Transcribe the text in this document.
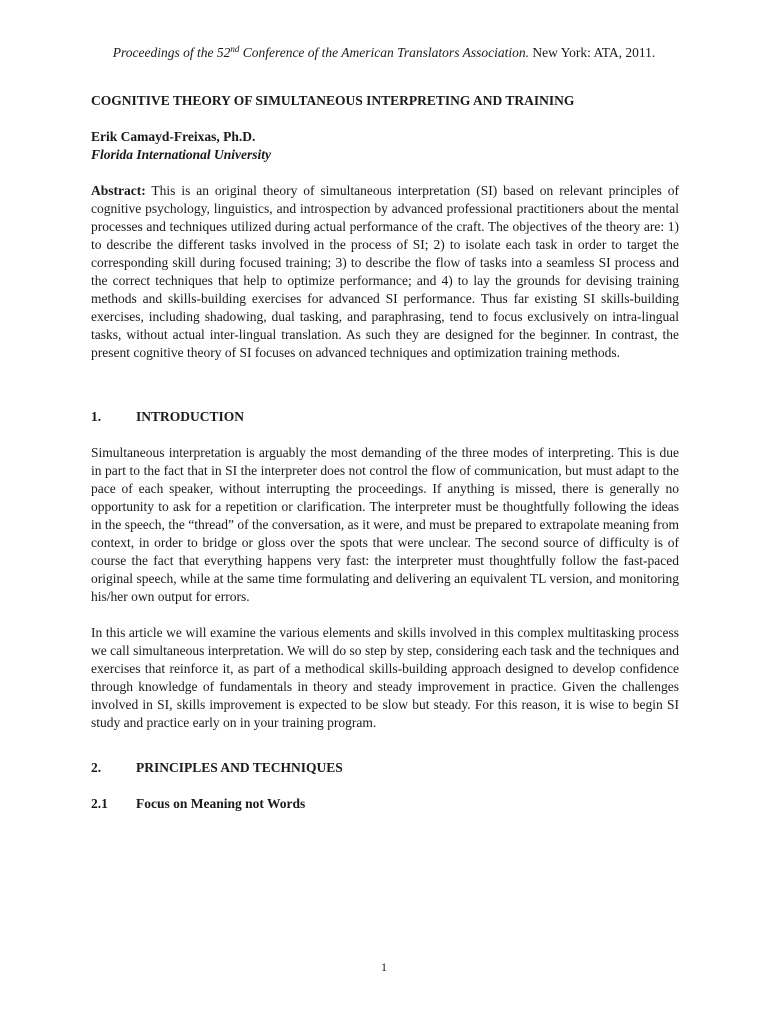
Proceedings of the 52nd Conference of the American Translators Association. New York: ATA, 2011.
COGNITIVE THEORY OF SIMULTANEOUS INTERPRETING AND TRAINING
Erik Camayd-Freixas, Ph.D.
Florida International University

Abstract: This is an original theory of simultaneous interpretation (SI) based on relevant principles of cognitive psychology, linguistics, and introspection by advanced professional practitioners about the mental processes and techniques utilized during actual performance of the craft. The objectives of the theory are: 1) to describe the different tasks involved in the process of SI; 2) to isolate each task in order to target the corresponding skill during focused training; 3) to describe the flow of tasks into a seamless SI process and the correct techniques that help to optimize performance; and 4) to lay the grounds for devising training methods and skills-building exercises for advanced SI performance. Thus far existing SI skills-building exercises, including shadowing, dual tasking, and paraphrasing, tend to focus exclusively on intra-lingual tasks, without actual inter-lingual translation. As such they are designed for the beginner. In contrast, the present cognitive theory of SI focuses on advanced techniques and optimization training methods.

1.	INTRODUCTION

Simultaneous interpretation is arguably the most demanding of the three modes of interpreting. This is due in part to the fact that in SI the interpreter does not control the flow of communication, but must adapt to the pace of each speaker, without interrupting the proceedings. If anything is missed, there is generally no opportunity to ask for a repetition or clarification. The interpreter must be thoughtfully following the ideas in the speech, the “thread” of the conversation, as it were, and must be prepared to extrapolate meaning from context, in order to bridge or gloss over the spots that were unclear. The second source of difficulty is of course the fact that everything happens very fast: the interpreter must thoughtfully follow the fast-paced original speech, while at the same time formulating and delivering an equivalent TL version, and monitoring his/her own output for errors.

In this article we will examine the various elements and skills involved in this complex multitasking process we call simultaneous interpretation. We will do so step by step, considering each task and the techniques and exercises that reinforce it, as part of a methodical skills-building approach designed to develop confidence through knowledge of fundamentals in theory and steady improvement in practice. Given the challenges involved in SI, skills improvement is expected to be slow but steady. For this reason, it is wise to begin SI study and practice early on in your training program.

2.	PRINCIPLES AND TECHNIQUES
2.1	Focus on Meaning not Words
1
